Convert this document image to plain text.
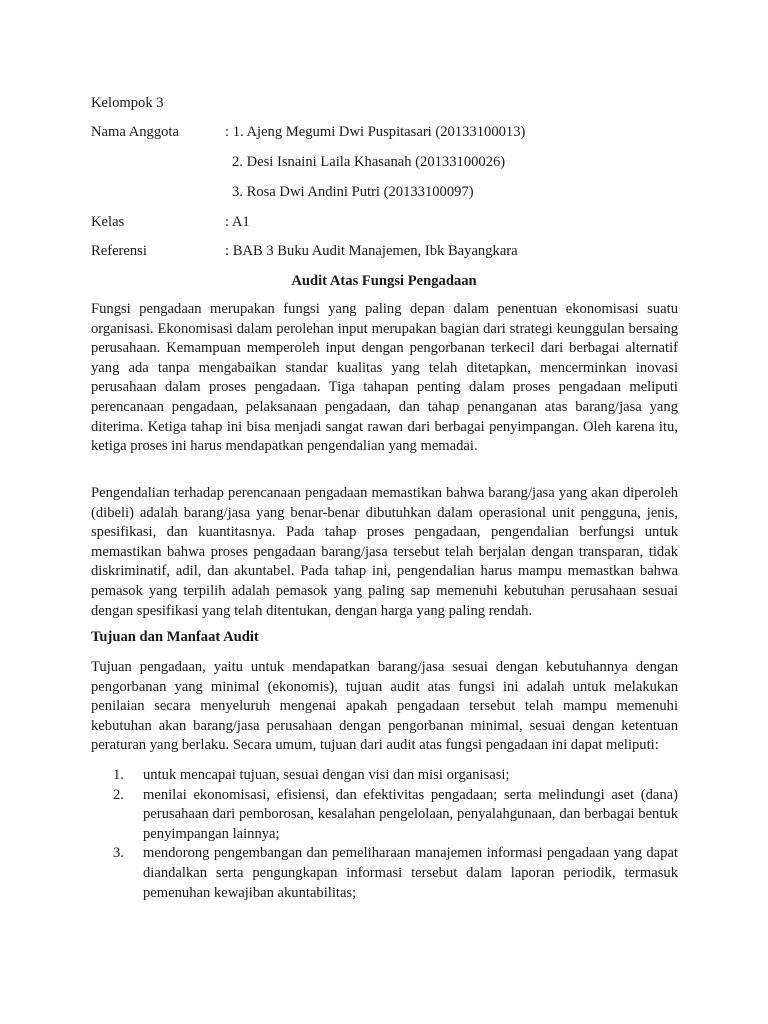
Kelompok 3
Nama Anggota	: 1. Ajeng Megumi Dwi Puspitasari (20133100013)
2. Desi Isnaini Laila Khasanah (20133100026)
3. Rosa Dwi Andini Putri (20133100097)
Kelas	: A1
Referensi	: BAB 3 Buku Audit Manajemen, Ibk Bayangkara
Audit Atas Fungsi Pengadaan

Fungsi pengadaan merupakan fungsi yang paling depan dalam penentuan ekonomisasi suatu organisasi. Ekonomisasi dalam perolehan input merupakan bagian dari strategi keunggulan bersaing perusahaan. Kemampuan memperoleh input dengan pengorbanan terkecil dari berbagai alternatif yang ada tanpa mengabaikan standar kualitas yang telah ditetapkan, mencerminkan inovasi perusahaan dalam proses pengadaan. Tiga tahapan penting dalam proses pengadaan meliputi perencanaan pengadaan, pelaksanaan pengadaan, dan tahap penanganan atas barang/jasa yang diterima. Ketiga tahap ini bisa menjadi sangat rawan dari berbagai penyimpangan. Oleh karena itu, ketiga proses ini harus mendapatkan pengendalian yang memadai.

Pengendalian terhadap perencanaan pengadaan memastikan bahwa barang/jasa yang akan diperoleh (dibeli) adalah barang/jasa yang benar-benar dibutuhkan dalam operasional unit pengguna, jenis, spesifikasi, dan kuantitasnya. Pada tahap proses pengadaan, pengendalian berfungsi untuk memastikan bahwa proses pengadaan barang/jasa tersebut telah berjalan dengan transparan, tidak diskriminatif, adil, dan akuntabel. Pada tahap ini, pengendalian harus mampu memastkan bahwa pemasok yang terpilih adalah pemasok yang paling sap memenuhi kebutuhan perusahaan sesuai dengan spesifikasi yang telah ditentukan, dengan harga yang paling rendah.

Tujuan dan Manfaat Audit

Tujuan pengadaan, yaitu untuk mendapatkan barang/jasa sesuai dengan kebutuhannya dengan pengorbanan yang minimal (ekonomis), tujuan audit atas fungsi ini adalah untuk melakukan penilaian secara menyeluruh mengenai apakah pengadaan tersebut telah mampu memenuhi kebutuhan akan barang/jasa perusahaan dengan pengorbanan minimal, sesuai dengan ketentuan peraturan yang berlaku. Secara umum, tujuan dari audit atas fungsi pengadaan ini dapat meliputi:

1. untuk mencapai tujuan, sesuai dengan visi dan misi organisasi;
2. menilai ekonomisasi, efisiensi, dan efektivitas pengadaan; serta melindungi aset (dana) perusahaan dari pemborosan, kesalahan pengelolaan, penyalahgunaan, dan berbagai bentuk penyimpangan lainnya;
3. mendorong pengembangan dan pemeliharaan manajemen informasi pengadaan yang dapat diandalkan serta pengungkapan informasi tersebut dalam laporan periodik, termasuk pemenuhan kewajiban akuntabilitas;
